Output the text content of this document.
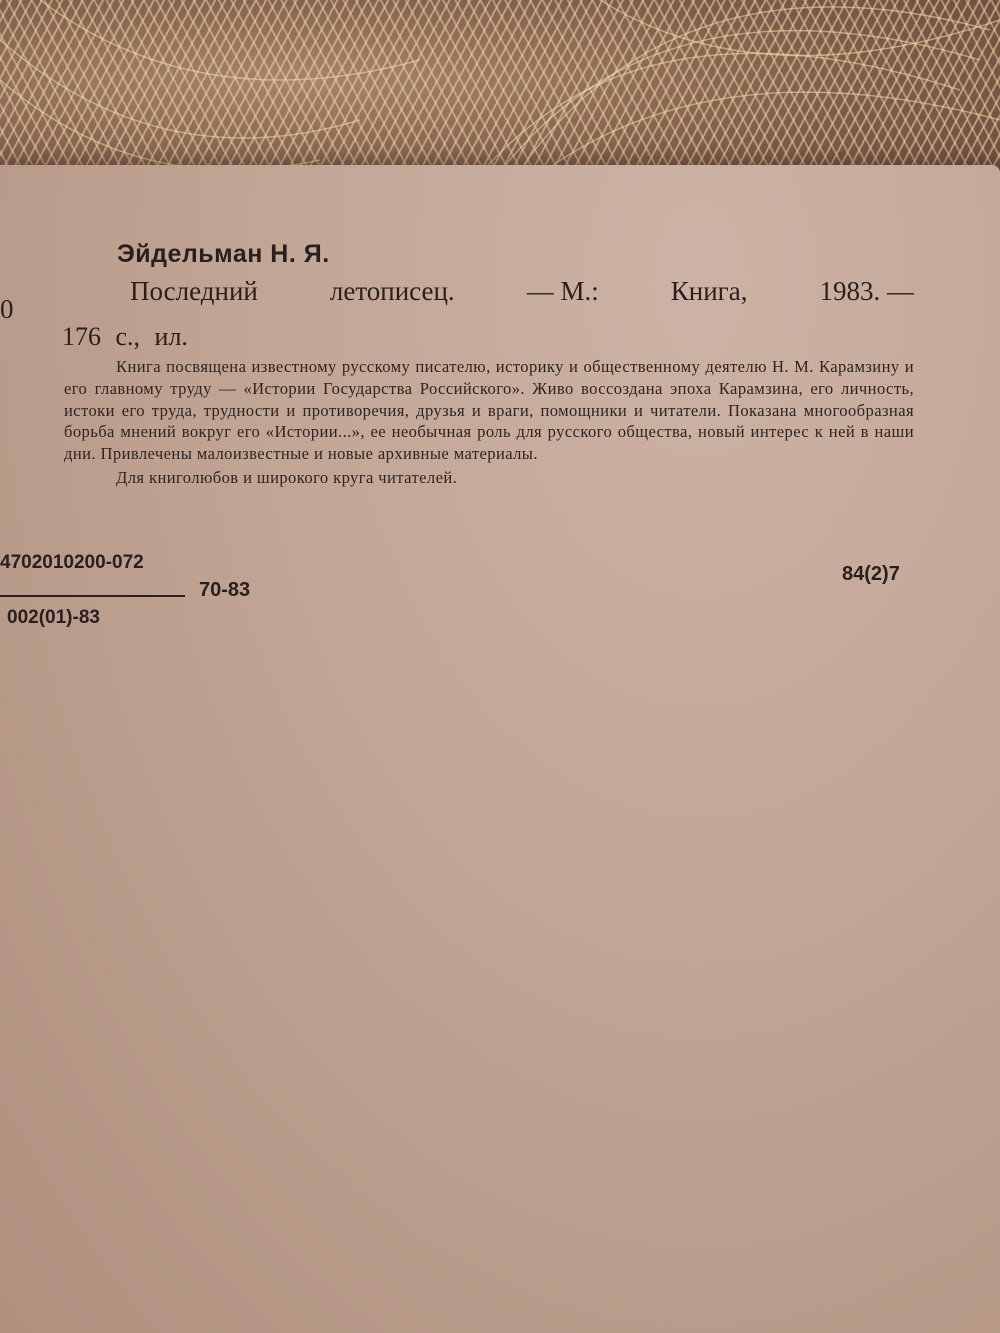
0
Эйдельман Н. Я.
Последний	летописец.	— М.:	Книга,	1983. —
176 с., ил.

Книга посвящена известному русскому писателю, историку и общественному деятелю Н. М. Карамзину и его главному труду — «Истории Государства Российского». Живо воссоздана эпоха Карамзина, его личность, истоки его труда, трудности и противоречия, друзья и враги, помощники и читатели. Показана многообразная борьба мнений вокруг его «Истории...», ее необычная роль для русского общества, новый интерес к ней в наши дни. Привлечены малоизвестные и новые архивные материалы.

Для книголюбов и широкого круга читателей.

4702010200-072
70-83
002(01)-83
84(2)7
